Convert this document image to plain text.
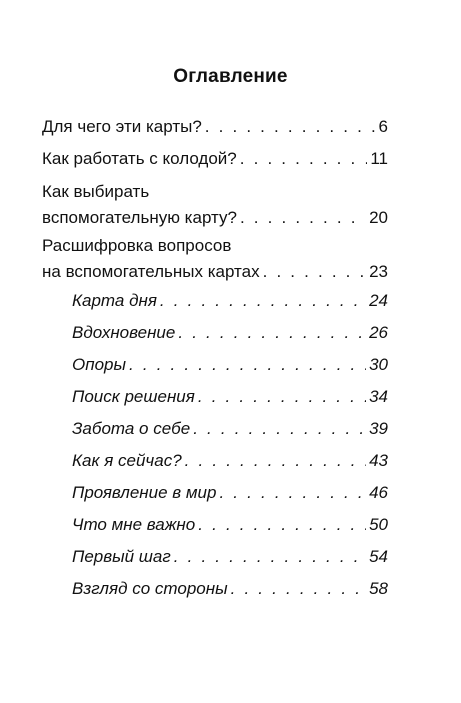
Оглавление
Для чего эти карты? . . .	6
Как работать с колодой? . . .	11
Как выбирать
вспомогательную карту? . . .	20
Расшифровка вопросов
на вспомогательных картах . . .	23
Карта дня . . .	24
Вдохновение . . .	26
Опоры . . .	30
Поиск решения . . .	34
Забота о себе . . .	39
Как я сейчас? . . .	43
Проявление в мир . . .	46
Что мне важно . . .	50
Первый шаг . . .	54
Взгляд со стороны . . .	58
